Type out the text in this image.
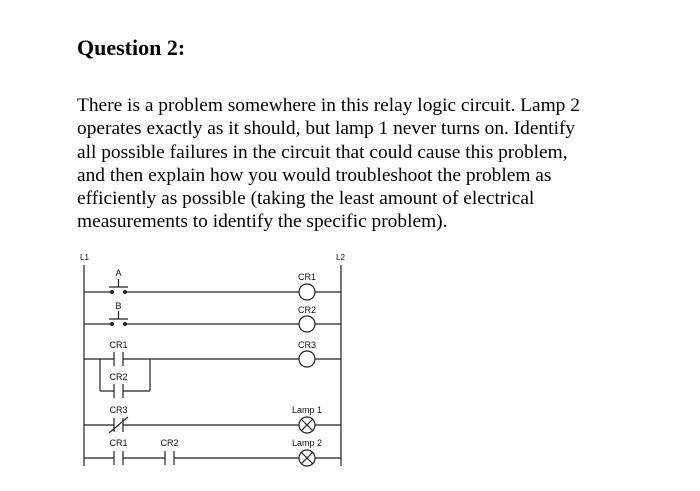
Question 2:
There is a problem somewhere in this relay logic circuit. Lamp 2
operates exactly as it should, but lamp 1 never turns on. Identify
all possible failures in the circuit that could cause this problem,
and then explain how you would troubleshoot the problem as
efficiently as possible (taking the least amount of electrical
measurements to identify the specific problem).
L1	L2
A
B
CR1
CR2
CR3
CR1	CR2
CR1
CR2
CR3
Lamp 1
Lamp 2
